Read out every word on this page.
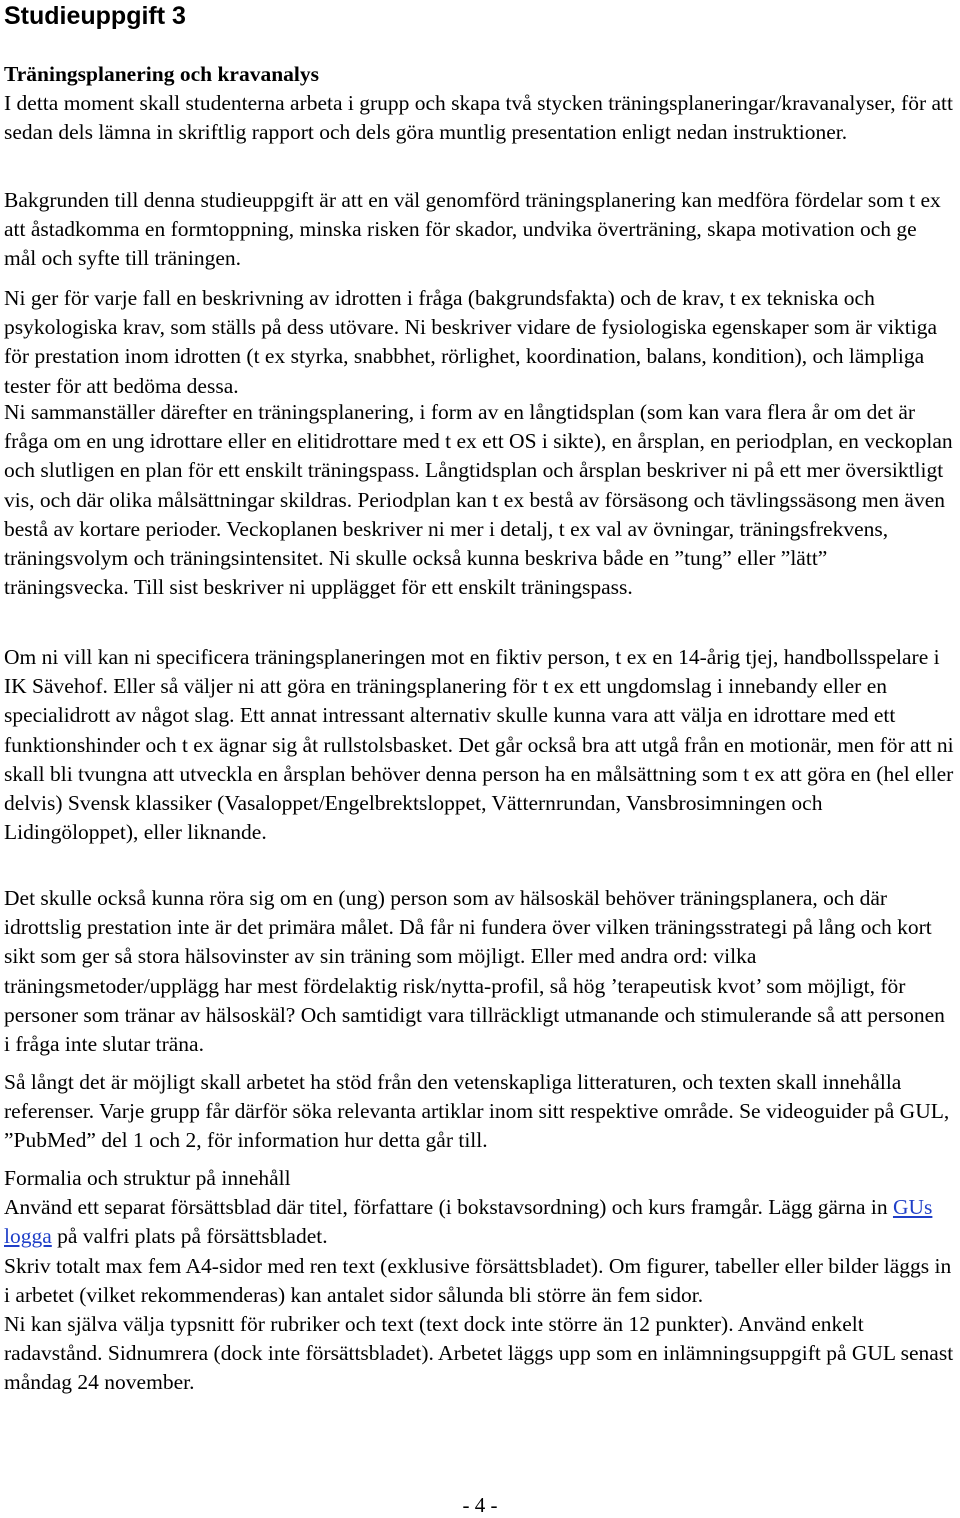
Studieuppgift 3

Träningsplanering och kravanalys

I detta moment skall studenterna arbeta i grupp och skapa två stycken träningsplaneringar/kravanalyser, för att sedan dels lämna in skriftlig rapport och dels göra muntlig presentation enligt nedan instruktioner.

Bakgrunden till denna studieuppgift är att en väl genomförd träningsplanering kan medföra fördelar som t ex att åstadkomma en formtoppning, minska risken för skador, undvika överträning, skapa motivation och ge mål och syfte till träningen.

Ni ger för varje fall en beskrivning av idrotten i fråga (bakgrundsfakta) och de krav, t ex tekniska och psykologiska krav, som ställs på dess utövare. Ni beskriver vidare de fysiologiska egenskaper som är viktiga för prestation inom idrotten (t ex styrka, snabbhet, rörlighet, koordination, balans, kondition), och lämpliga tester för att bedöma dessa.

Ni sammanställer därefter en träningsplanering, i form av en långtidsplan (som kan vara flera år om det är fråga om en ung idrottare eller en elitidrottare med t ex ett OS i sikte), en årsplan, en periodplan, en veckoplan och slutligen en plan för ett enskilt träningspass. Långtidsplan och årsplan beskriver ni på ett mer översiktligt vis, och där olika målsättningar skildras. Periodplan kan t ex bestå av försäsong och tävlingssäsong men även bestå av kortare perioder. Veckoplanen beskriver ni mer i detalj, t ex val av övningar, träningsfrekvens, träningsvolym och träningsintensitet. Ni skulle också kunna beskriva både en ”tung” eller ”lätt” träningsvecka. Till sist beskriver ni upplägget för ett enskilt träningspass.

Om ni vill kan ni specificera träningsplaneringen mot en fiktiv person, t ex en 14-årig tjej, handbollsspelare i IK Sävehof. Eller så väljer ni att göra en träningsplanering för t ex ett ungdomslag i innebandy eller en specialidrott av något slag. Ett annat intressant alternativ skulle kunna vara att välja en idrottare med ett funktionshinder och t ex ägnar sig åt rullstolsbasket. Det går också bra att utgå från en motionär, men för att ni skall bli tvungna att utveckla en årsplan behöver denna person ha en målsättning som t ex att göra en (hel eller delvis) Svensk klassiker (Vasaloppet/Engelbrektsloppet, Vätternrundan, Vansbrosimningen och Lidingöloppet), eller liknande.

Det skulle också kunna röra sig om en (ung) person som av hälsoskäl behöver träningsplanera, och där idrottslig prestation inte är det primära målet. Då får ni fundera över vilken träningsstrategi på lång och kort sikt som ger så stora hälsovinster av sin träning som möjligt. Eller med andra ord: vilka träningsmetoder/upplägg har mest fördelaktig risk/nytta-profil, så hög ’terapeutisk kvot’ som möjligt, för personer som tränar av hälsoskäl? Och samtidigt vara tillräckligt utmanande och stimulerande så att personen i fråga inte slutar träna.

Så långt det är möjligt skall arbetet ha stöd från den vetenskapliga litteraturen, och texten skall innehålla referenser. Varje grupp får därför söka relevanta artiklar inom sitt respektive område. Se videoguider på GUL, ”PubMed” del 1 och 2, för information hur detta går till.

Formalia och struktur på innehåll

Använd ett separat försättsblad där titel, författare (i bokstavsordning) och kurs framgår. Lägg gärna in GUs logga på valfri plats på försättsbladet.

Skriv totalt max fem A4-sidor med ren text (exklusive försättsbladet). Om figurer, tabeller eller bilder läggs in i arbetet (vilket rekommenderas) kan antalet sidor sålunda bli större än fem sidor.

Ni kan själva välja typsnitt för rubriker och text (text dock inte större än 12 punkter). Använd enkelt radavstånd. Sidnumrera (dock inte försättsbladet). Arbetet läggs upp som en inlämningsuppgift på GUL senast måndag 24 november.

- 4 -
